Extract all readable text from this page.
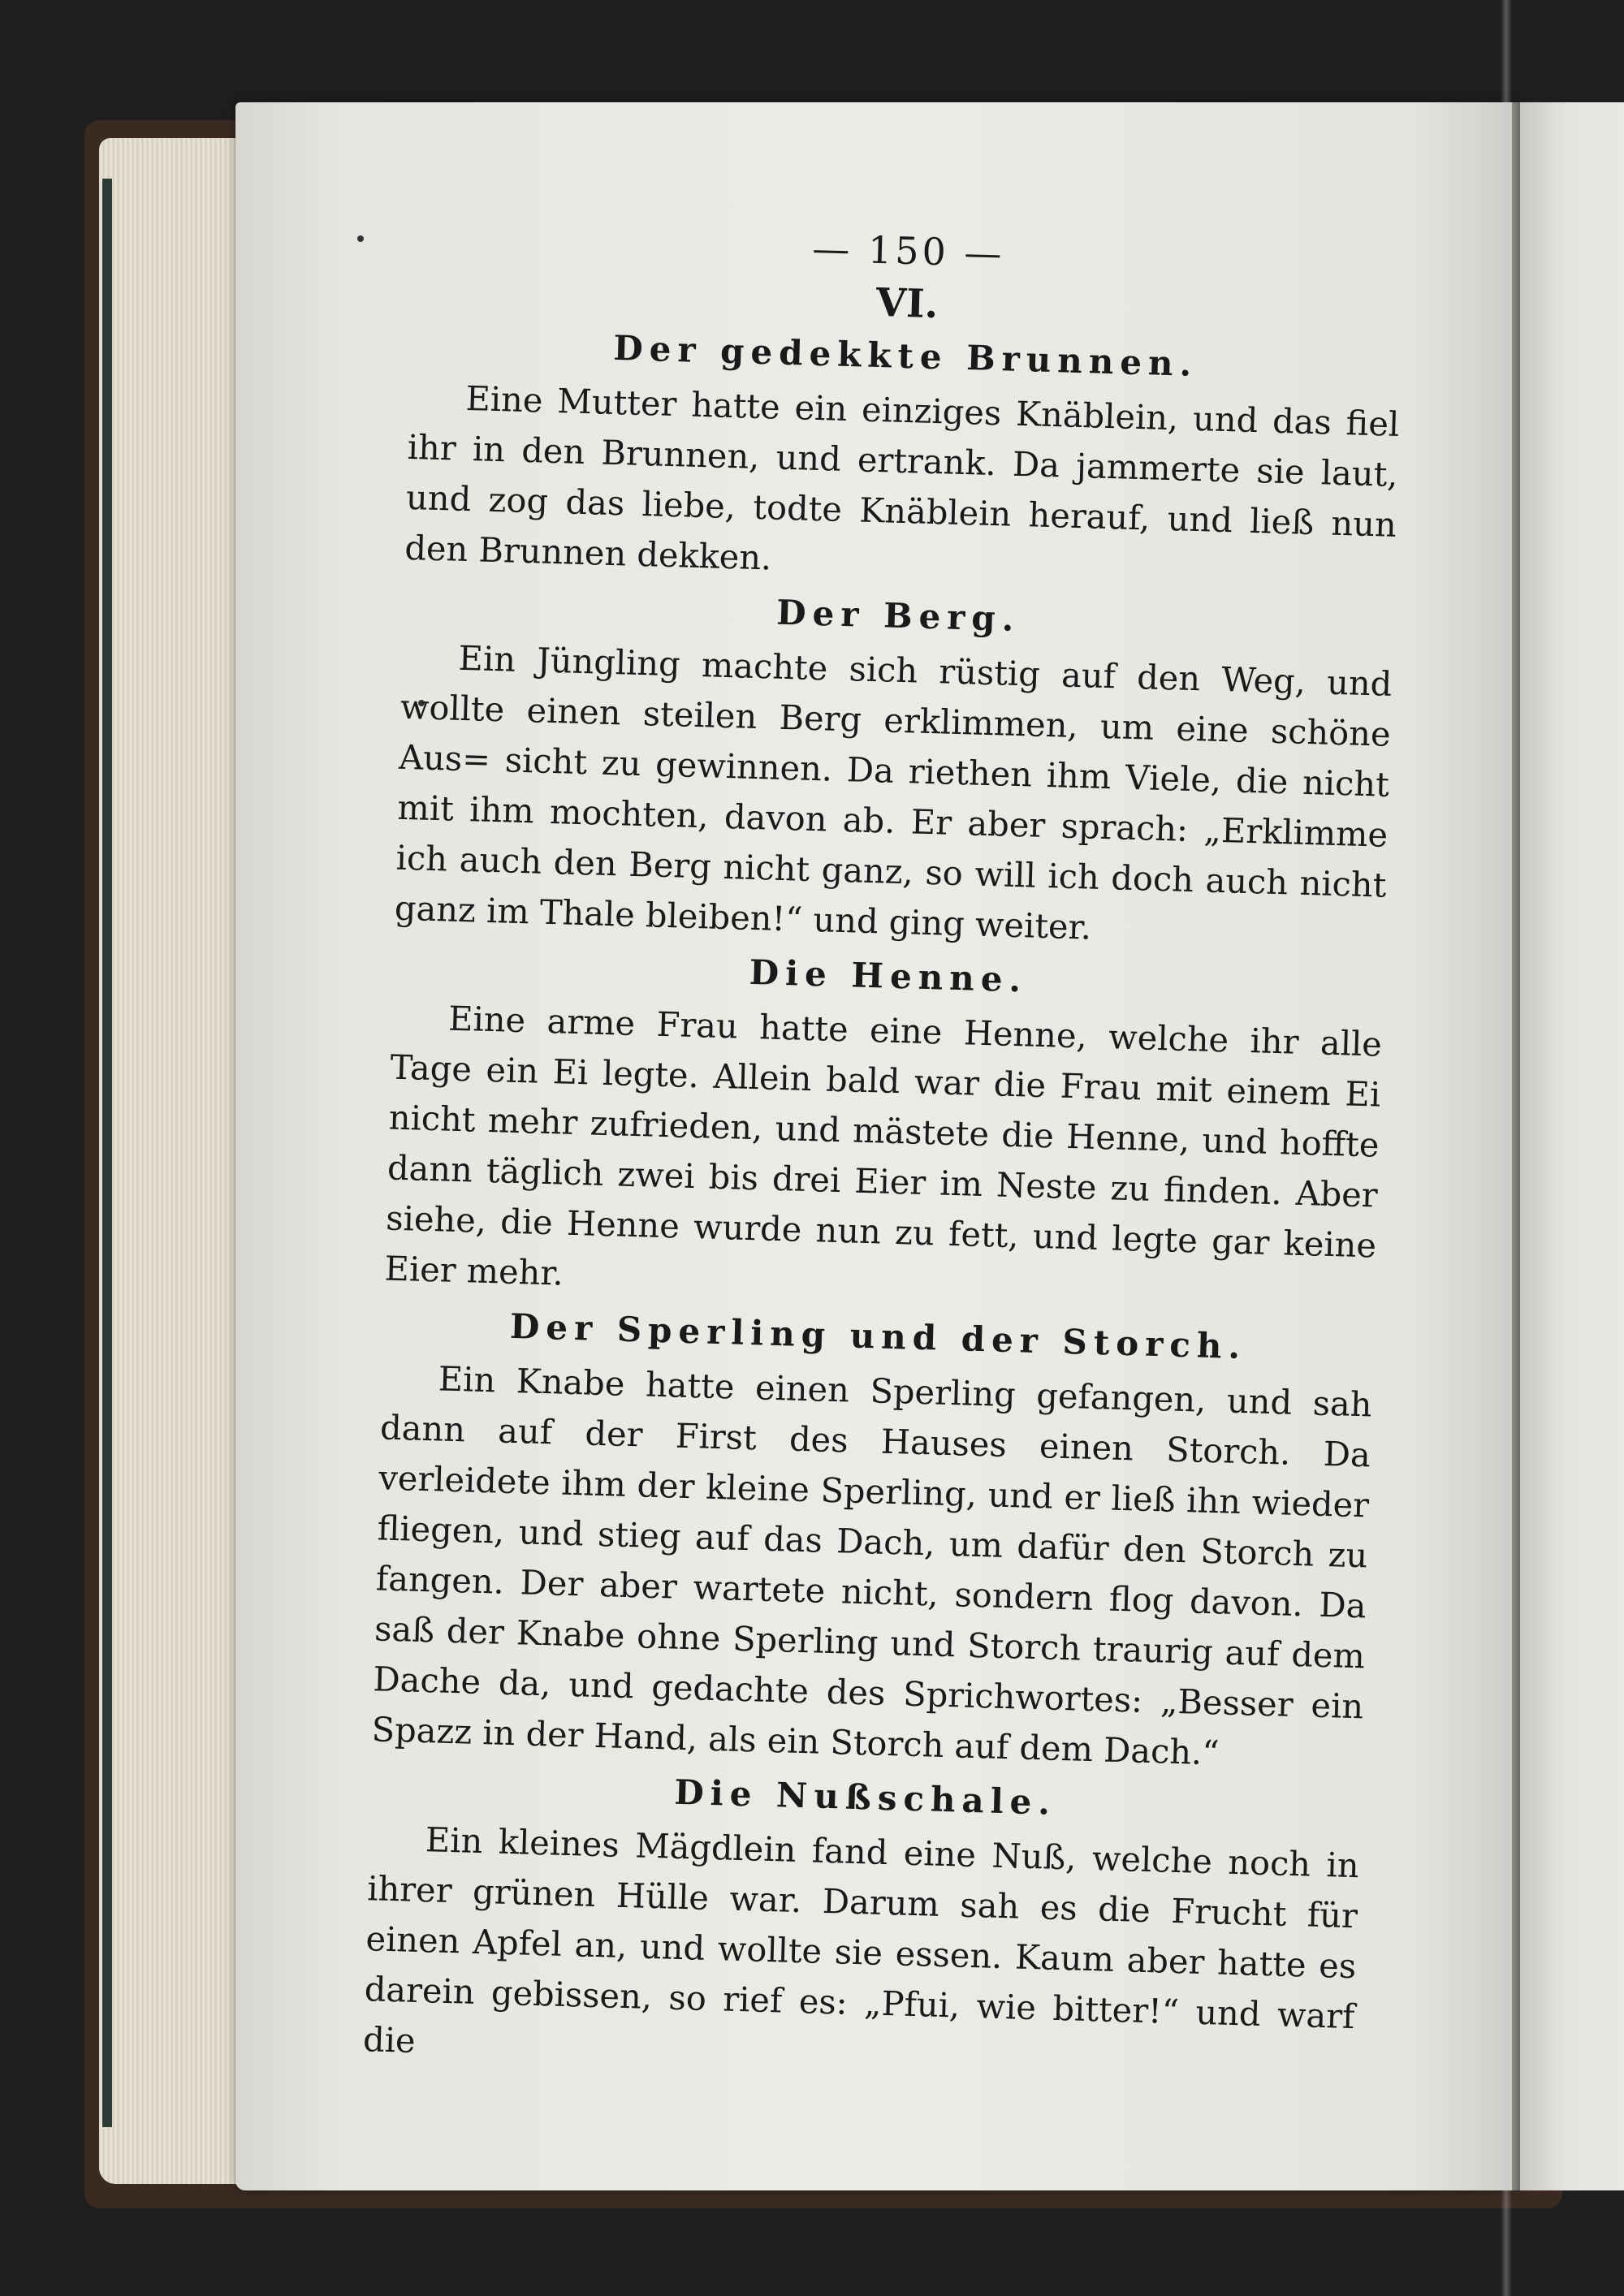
— 150 —
VI.
Der gedekkte Brunnen.

Eine Mutter hatte ein einziges Knäblein, und das fiel ihr in den Brunnen, und ertrank. Da jammerte sie laut, und zog das liebe, todte Knäblein herauf, und ließ nun den Brunnen dekken.

Der Berg.

Ein Jüngling machte sich rüstig auf den Weg, und wollte einen steilen Berg erklimmen, um eine schöne Aus= sicht zu gewinnen. Da riethen ihm Viele, die nicht mit ihm mochten, davon ab. Er aber sprach: „Erklimme ich auch den Berg nicht ganz, so will ich doch auch nicht ganz im Thale bleiben!“ und ging weiter.

Die Henne.

Eine arme Frau hatte eine Henne, welche ihr alle Tage ein Ei legte. Allein bald war die Frau mit einem Ei nicht mehr zufrieden, und mästete die Henne, und hoffte dann täglich zwei bis drei Eier im Neste zu finden. Aber siehe, die Henne wurde nun zu fett, und legte gar keine Eier mehr.

Der Sperling und der Storch.

Ein Knabe hatte einen Sperling gefangen, und sah dann auf der First des Hauses einen Storch. Da verleidete ihm der kleine Sperling, und er ließ ihn wieder fliegen, und stieg auf das Dach, um dafür den Storch zu fangen. Der aber wartete nicht, sondern flog davon. Da saß der Knabe ohne Sperling und Storch traurig auf dem Dache da, und gedachte des Sprichwortes: „Besser ein Spazz in der Hand, als ein Storch auf dem Dach.“

Die Nußschale.

Ein kleines Mägdlein fand eine Nuß, welche noch in ihrer grünen Hülle war. Darum sah es die Frucht für einen Apfel an, und wollte sie essen. Kaum aber hatte es darein gebissen, so rief es: „Pfui, wie bitter!“ und warf die
